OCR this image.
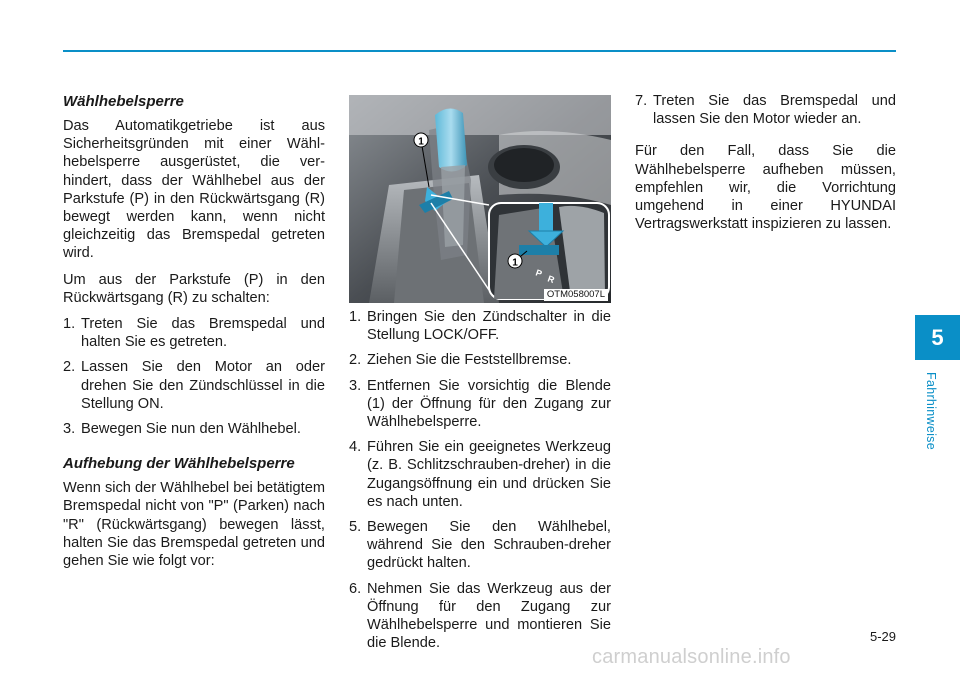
Wählhebelsperre

Das Automatikgetriebe ist aus Sicherheitsgründen mit einer Wähl-hebelsperre ausgerüstet, die ver-hindert, dass der Wählhebel aus der Parkstufe (P) in den Rückwärtsgang (R) bewegt werden kann, wenn nicht gleichzeitig das Bremspedal getreten wird.

Um aus der Parkstufe (P) in den Rückwärtsgang (R) zu schalten:

1. Treten Sie das Bremspedal und halten Sie es getreten.
2. Lassen Sie den Motor an oder drehen Sie den Zündschlüssel in die Stellung ON.
3. Bewegen Sie nun den Wählhebel.
Aufhebung der Wählhebelsperre

Wenn sich der Wählhebel bei betätigtem Bremspedal nicht von "P" (Parken) nach "R" (Rückwärtsgang) bewegen lässt, halten Sie das Bremspedal getreten und gehen Sie wie folgt vor:

1
1
P
R
OTM058007L
1. Bringen Sie den Zündschalter in die Stellung LOCK/OFF.
2. Ziehen Sie die Feststellbremse.
3. Entfernen Sie vorsichtig die Blende (1) der Öffnung für den Zugang zur Wählhebelsperre.
4. Führen Sie ein geeignetes Werkzeug (z. B. Schlitzschrauben-dreher) in die Zugangsöffnung ein und drücken Sie es nach unten.
5. Bewegen Sie den Wählhebel, während Sie den Schrauben-dreher gedrückt halten.
6. Nehmen Sie das Werkzeug aus der Öffnung für den Zugang zur Wählhebelsperre und montieren Sie die Blende.
7. Treten Sie das Bremspedal und lassen Sie den Motor wieder an.

Für den Fall, dass Sie die Wählhebelsperre aufheben müssen, empfehlen wir, die Vorrichtung umgehend in einer HYUNDAI Vertragswerkstatt inspizieren zu lassen.

5
Fahrhinweise
5-29
carmanualsonline.info
